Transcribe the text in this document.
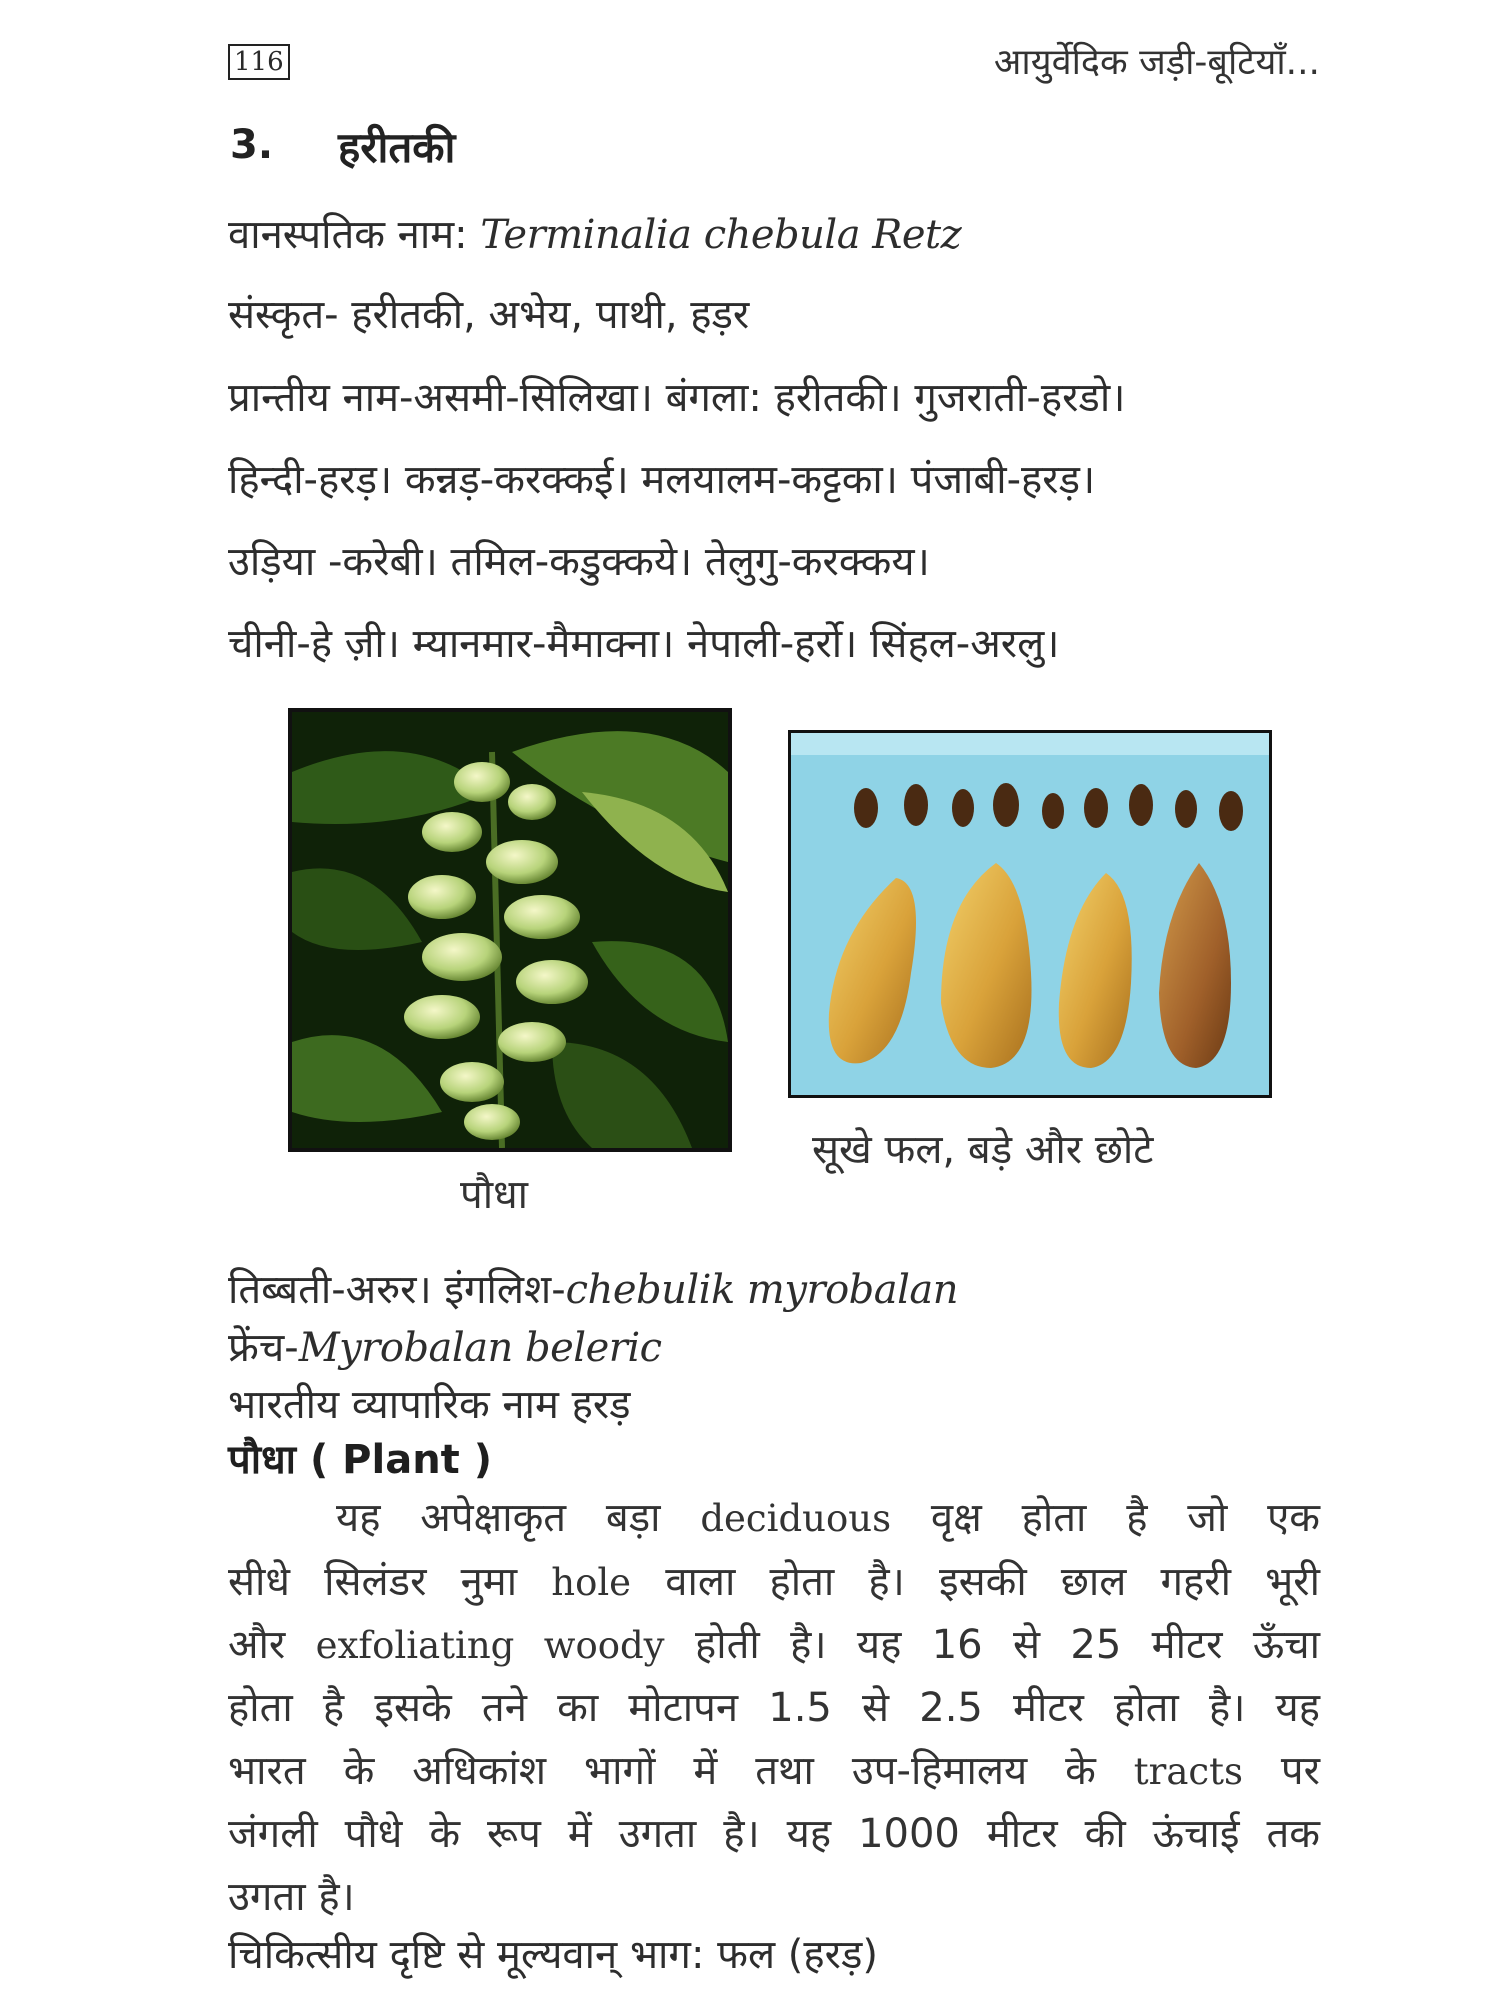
116	आयुर्वेदिक जड़ी-बूटियाँ...
3. हरीतकी
वानस्पतिक नाम: Terminalia chebula Retz
संस्कृत- हरीतकी, अभेय, पाथी, हड़र
प्रान्तीय नाम-असमी-सिलिखा। बंगला: हरीतकी। गुजराती-हरडो।
हिन्दी-हरड़। कन्नड़-करक्कई। मलयालम-कट्टका। पंजाबी-हरड़।
उड़िया -करेबी। तमिल-कडुक्कये। तेलुगु-करक्कय।
चीनी-हे ज़ी। म्यानमार-मैमाक्ना। नेपाली-हर्रो। सिंहल-अरलु।
पौधा
सूखे फल, बड़े और छोटे
तिब्बती-अरुर। इंगलिश-chebulik myrobalan
फ्रेंच-Myrobalan beleric
भारतीय व्यापारिक नाम हरड़
पौधा ( Plant )
यह अपेक्षाकृत बड़ा deciduous वृक्ष होता है जो एक
सीधे सिलंडर नुमा hole वाला होता है। इसकी छाल गहरी भूरी
और exfoliating woody होती है। यह 16 से 25 मीटर ऊँचा
होता है इसके तने का मोटापन 1.5 से 2.5 मीटर होता है। यह
भारत के अधिकांश भागों में तथा उप-हिमालय के tracts पर
जंगली पौधे के रूप में उगता है। यह 1000 मीटर की ऊंचाई तक
उगता है।
चिकित्सीय दृष्टि से मूल्यवान् भाग: फल (हरड़)
